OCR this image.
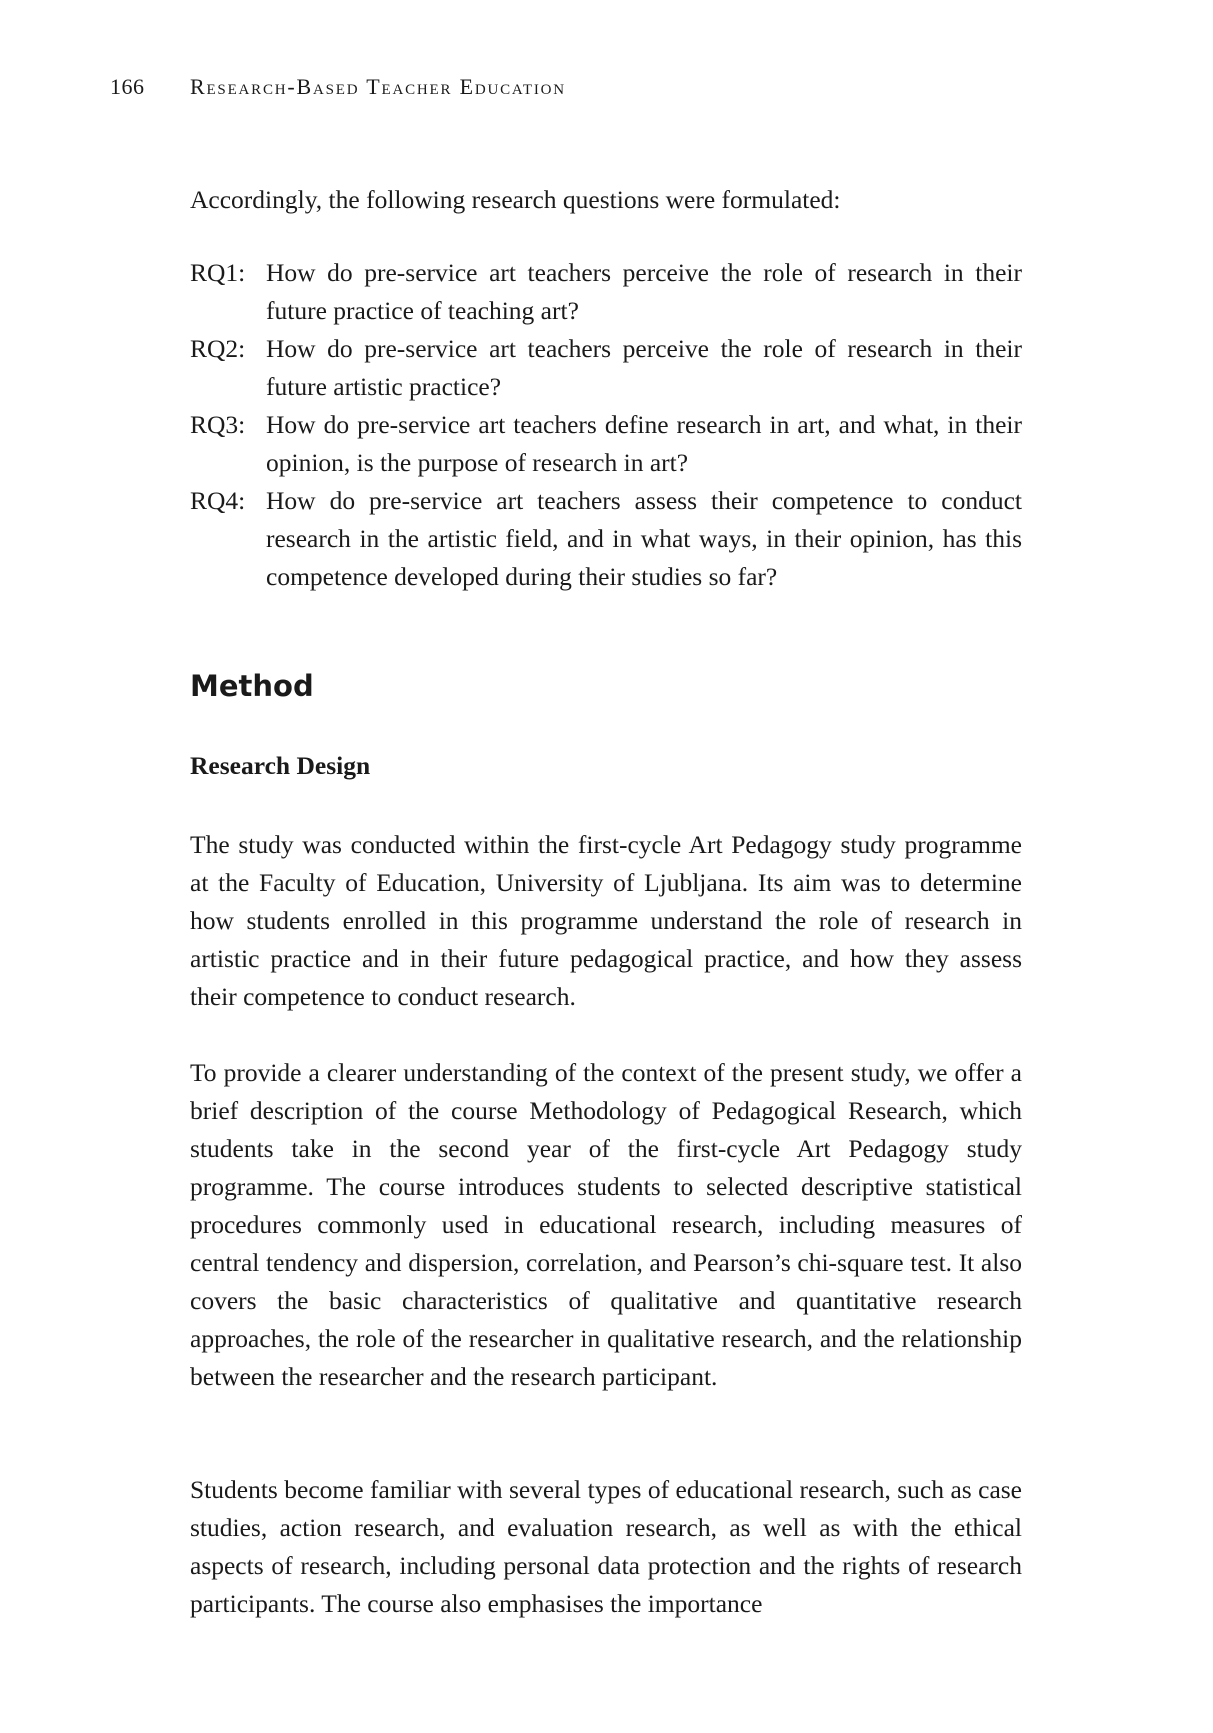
166 Research-Based Teacher Education

Accordingly, the following research questions were formulated:

RQ1: How do pre-service art teachers perceive the role of research in their future practice of teaching art?
RQ2: How do pre-service art teachers perceive the role of research in their future artistic practice?
RQ3: How do pre-service art teachers define research in art, and what, in their opinion, is the purpose of research in art?
RQ4: How do pre-service art teachers assess their competence to conduct research in the artistic field, and in what ways, in their opinion, has this competence developed during their studies so far?
Method
Research Design

The study was conducted within the first-cycle Art Pedagogy study programme at the Faculty of Education, University of Ljubljana. Its aim was to determine how students enrolled in this programme understand the role of research in artistic practice and in their future pedagogical practice, and how they assess their competence to conduct research.

To provide a clearer understanding of the context of the present study, we offer a brief description of the course Methodology of Pedagogical Research, which students take in the second year of the first-cycle Art Pedagogy study programme. The course introduces students to selected descriptive statistical procedures commonly used in educational research, including measures of central tendency and dispersion, correlation, and Pearson’s chi-square test. It also covers the basic characteristics of qualitative and quantitative research approaches, the role of the researcher in qualitative research, and the relationship between the researcher and the research participant.

Students become familiar with several types of educational research, such as case studies, action research, and evaluation research, as well as with the ethical aspects of research, including personal data protection and the rights of research participants. The course also emphasises the importance
